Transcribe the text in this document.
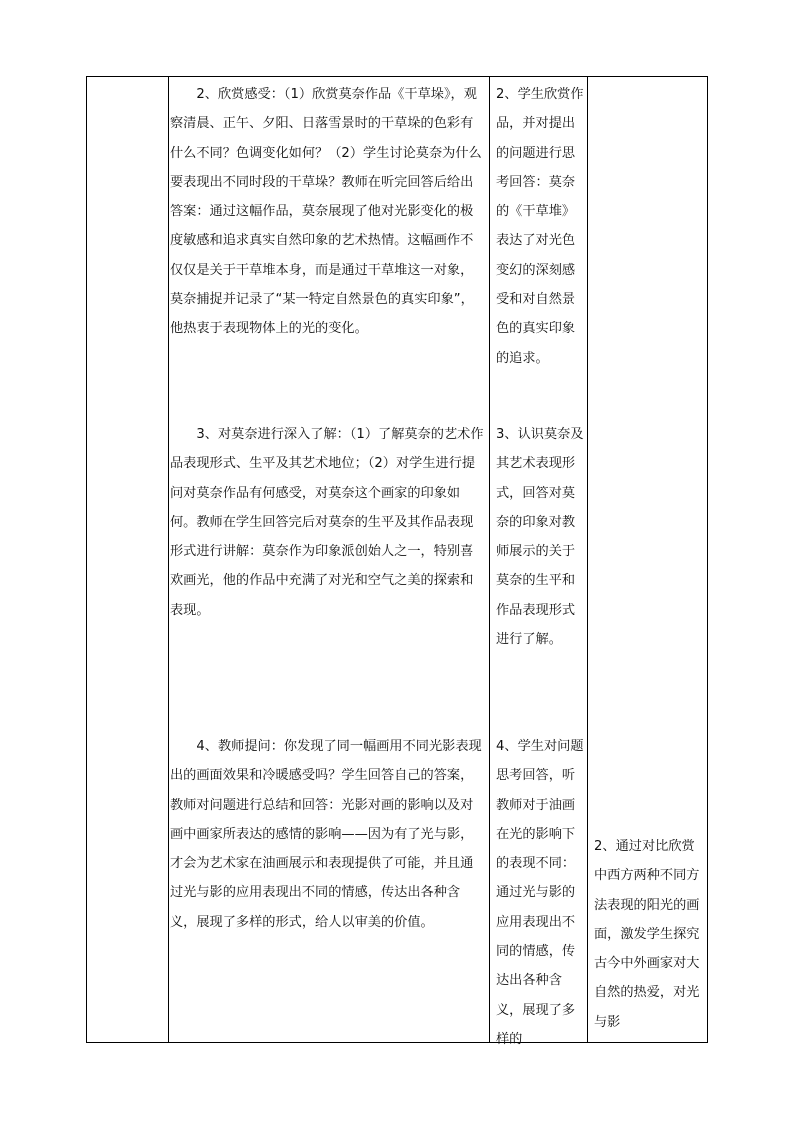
2、欣赏感受：（1）欣赏莫奈作品《干草垛》，观察清晨、正午、夕阳、日落雪景时的干草垛的色彩有什么不同？色调变化如何？（2）学生讨论莫奈为什么要表现出不同时段的干草垛？教师在听完回答后给出答案：通过这幅作品，莫奈展现了他对光影变化的极度敏感和追求真实自然印象的艺术热情。这幅画作不仅仅是关于干草堆本身，而是通过干草堆这一对象，莫奈捕捉并记录了“某一特定自然景色的真实印象”，他热衷于表现物体上的光的变化。

3、对莫奈进行深入了解：（1）了解莫奈的艺术作品表现形式、生平及其艺术地位；（2）对学生进行提问对莫奈作品有何感受，对莫奈这个画家的印象如何。教师在学生回答完后对莫奈的生平及其作品表现形式进行讲解：莫奈作为印象派创始人之一，特别喜欢画光，他的作品中充满了对光和空气之美的探索和表现。

4、教师提问：你发现了同一幅画用不同光影表现出的画面效果和冷暖感受吗？学生回答自己的答案，教师对问题进行总结和回答：光影对画的影响以及对画中画家所表达的感情的影响——因为有了光与影，才会为艺术家在油画展示和表现提供了可能，并且通过光与影的应用表现出不同的情感，传达出各种含义，展现了多样的形式，给人以审美的价值。

2、学生欣赏作品，并对提出的问题进行思考回答：莫奈的《干草堆》表达了对光色变幻的深刻感受和对自然景色的真实印象的追求。

3、认识莫奈及其艺术表现形式，回答对莫奈的印象对教师展示的关于莫奈的生平和作品表现形式进行了解。

4、学生对问题思考回答，听教师对于油画在光的影响下的表现不同：通过光与影的应用表现出不同的情感，传达出各种含义，展现了多样的

2、通过对比欣赏中西方两种不同方法表现的阳光的画面，激发学生探究古今中外画家对大自然的热爱，对光与影
